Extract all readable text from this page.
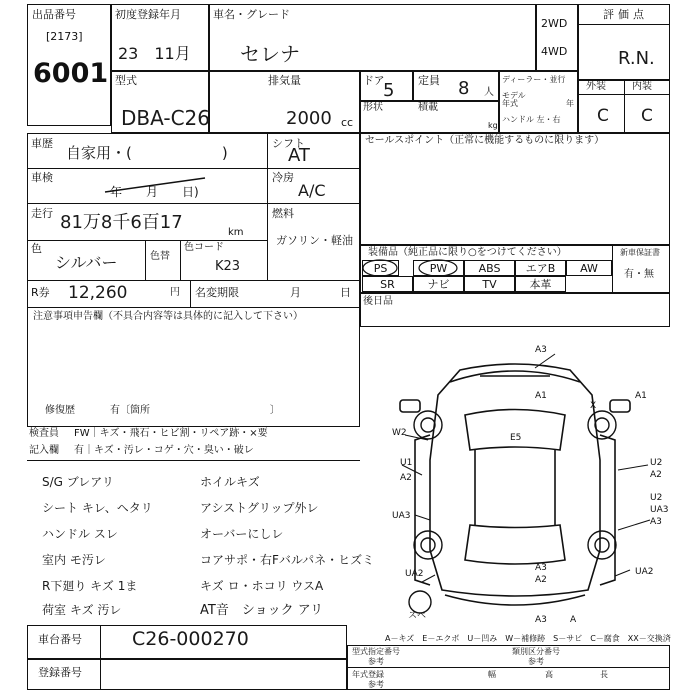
出品番号
[2173]
6001
初度登録年月
23　11月
車名・グレード
セレナ
2WD
4WD
評価点
R.N.
型式
DBA-C26
排気量
2000 cc
ドア
5 定員 8 人
ディーラー・並行
モデル年式	年
ハンドル 左・右
形状	積載
kg
外装	内装
C C
車歴
自家用・(　　　　　　)
シフト
AT
車検
年　　月　　日)
冷房
A/C
走行 81万8千6百17	km
燃料
ガソリン・軽油
色
シルバー	色替
色コード
K23
R券 12,260	円 名変期限	月	日
注意事項申告欄（不具合内容等は具体的に記入して下さい）
修復歴	有〔箇所　　　　　　　　　　　　〕
セールスポイント（正常に機能するものに限ります）
装備品（純正品に限り○をつけてください）	新車保証書
有・無
PS	PW	ABS	エアB	AW
SR	ナビ	TV	本革
後日品
検査員
記入欄
FW｜キズ・飛石・ヒビ割・リペア跡・×要
有｜キズ・汚レ・コゲ・穴・臭い・破レ
S/G ブレアリ	ホイルキズ
シート キレ、ヘタリ	アシストグリップ外レ
ハンドル スレ	オーバーにしレ
室内 モ汚レ	コアサポ・右Fバルパネ・ヒズミ
R下廻り キズ 1ま	キズ ロ・ホコリ ウスA
荷室 キズ 汚レ	AT音　ショック アリ
車台番号	C26-000270
登録番号
A－キズ　E－エクボ　U－凹み　W－補修跡　S－サビ　C－腐食　XX－交換済
型式指定番号
参考
類別区分番号
参考
年式登録
参考
幅	高	長
A3
A1
X
A1
W2
U1
A2
U2
A2
UA3
UA2
A3
A3
A2
U2
A3	A
UA3
UA2
スペ
E5
